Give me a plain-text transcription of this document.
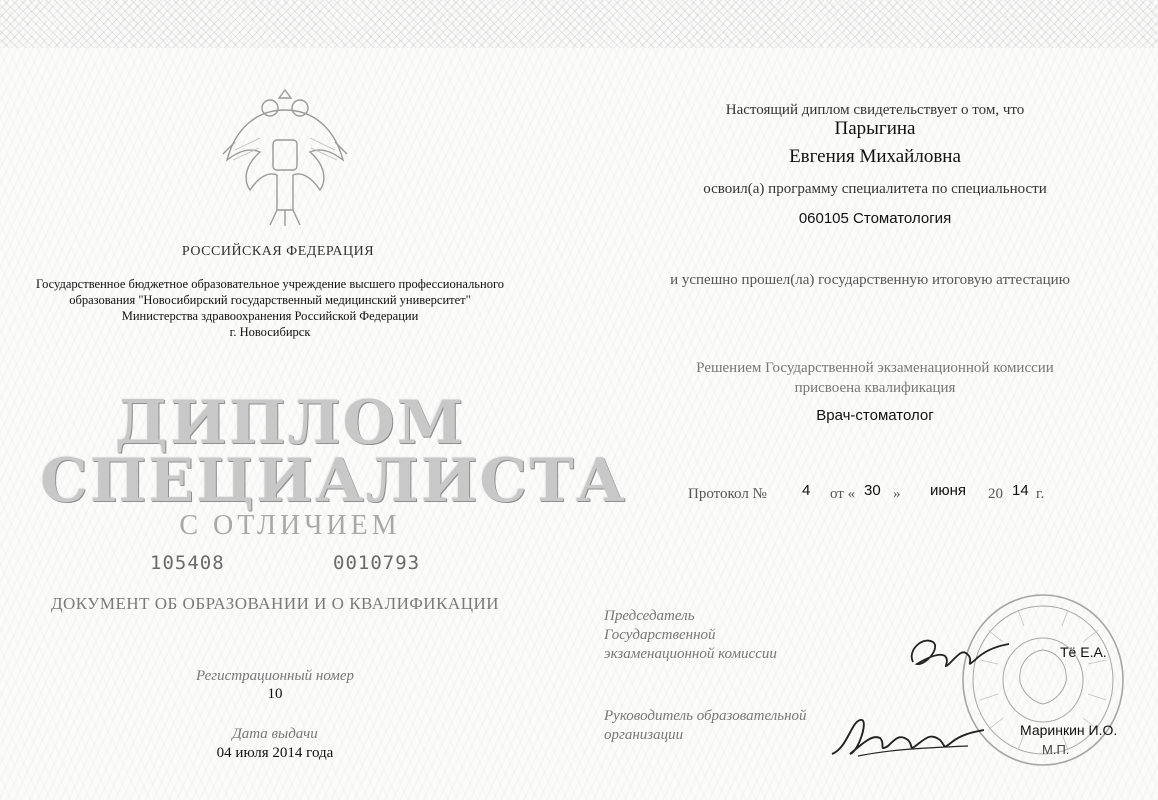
РОССИЙСКАЯ ФЕДЕРАЦИЯ
Государственное бюджетное образовательное учреждение высшего профессионального
образования "Новосибирский государственный медицинский университет"
Министерства здравоохранения Российской Федерации
г. Новосибирск
ДИПЛОМ
СПЕЦИАЛИСТА
С ОТЛИЧИЕМ
105408	0010793
ДОКУМЕНТ ОБ ОБРАЗОВАНИИ И О КВАЛИФИКАЦИИ
Регистрационный номер
10
Дата выдачи
04 июля 2014 года
Настоящий диплом свидетельствует о том, что
Парыгина
Евгения Михайловна
освоил(а) программу специалитета по специальности
060105 Стоматология
и успешно прошел(ла) государственную итоговую аттестацию
Решением Государственной экзаменационной комиссии
присвоена квалификация
Врач-стоматолог
Протокол № 4 от « 30 » июня 20 14 г.
Председатель
Государственной
экзаменационной комиссии	Тё Е.А.
Руководитель образовательной
организации	Маринкин И.О.
М.П.
